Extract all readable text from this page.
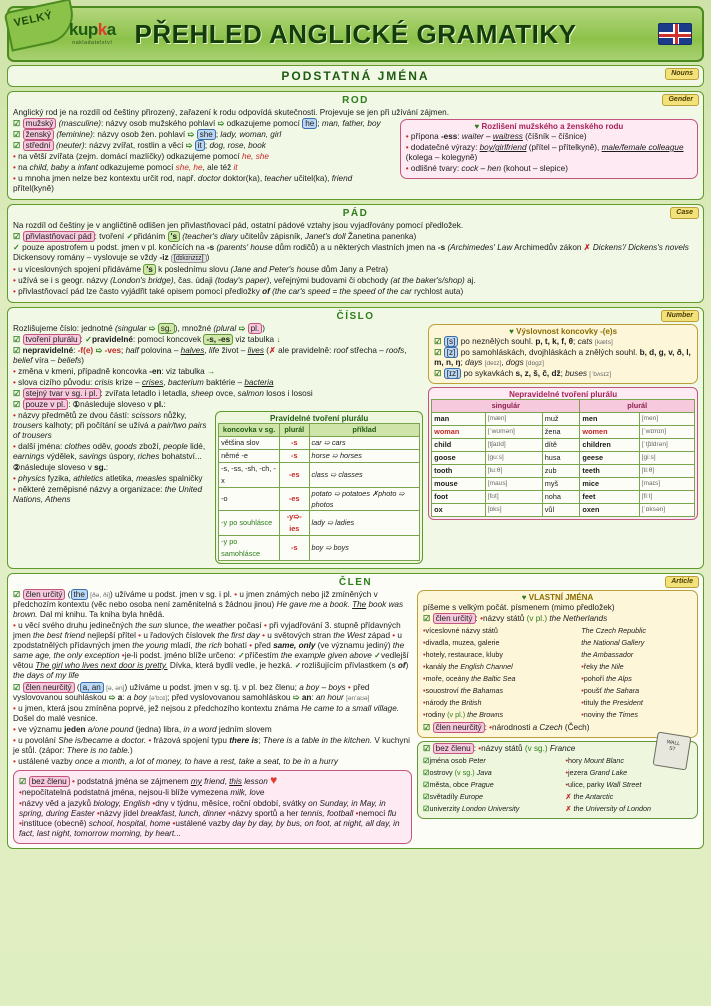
VELKÝ
kupka
nakladatelství PŘEHLED ANGLICKÉ GRAMATIKY
PODSTATNÁ JMÉNA	Nouns
ROD	Gender

Anglický rod je na rozdíl od češtiny přirozený, zařazení k rodu odpovídá skutečnosti. Projevuje se jen při užívání zájmen.

☑ mužský (masculine): názvy osob mužského pohlaví ➯ odkazujeme pomocí he ; man, father, boy

☑ ženský (feminine): názvy osob žen. pohlaví ➯ she ; lady, woman, girl

☑ střední (neuter): názvy zvířat, rostlin a věcí ➯ it ; dog, rose, book

• na větší zvířata (zejm. domácí mazlíčky) odkazujeme pomocí he, she

• na child, baby a infant odkazujeme pomocí she, he, ale též it

• u mnoha jmen nelze bez kontextu určit rod, např. doctor doktor(ka), teacher učitel(ka), friend přítel(kyně)

♥ Rozlišení mužského a ženského rodu

• přípona -ess: waiter – waitress (číšník – číšnice)

• dodatečné výrazy: boy/girlfriend (přítel – přítelkyně), male/female colleague (kolega – kolegyně)

• odlišné tvary: cock – hen (kohout – slepice)

PÁD	Case

Na rozdíl od češtiny je v angličtině odlišen jen přivlastňovací pád, ostatní pádové vztahy jsou vyjadřovány pomocí předložek.

☑ přivlastňovací pád : tvoření ✓přidáním 's (teacher's diary učitelův zápisník, Janet's doll Žanetina panenka)

✓ pouze apostrofem u podst. jmen v pl. končících na -s (parents' house dům rodičů) a u některých vlastních jmen na -s (Archimedes' Law Archimedův zákon ✗ Dickens'/ Dickens's novels Dickensovy romány – vyslovuje se vždy -iz [dɪkɪnzɪz] )

• u víceslovných spojení přidáváme 's k poslednímu slovu (Jane and Peter's house dům Jany a Petra)

• užívá se i s geogr. názvy (London's bridge), čas. údaji (today's paper), veřejnými budovami či obchody (at the baker's/shop) aj.

• přivlastňovací pád lze často vyjádřit také opisem pomocí předložky of (the car's speed = the speed of the car rychlost auta)

ČÍSLO	Number

Rozlišujeme číslo: jednotné (singular ➯ sg. ), množné (plural ➯ pl. )

☑ tvoření plurálu : ✓pravidelné: pomocí koncovek -s, -es viz tabulka ↓

☑ nepravidelné: -f(e) ➯ -ves; half polovina – halves, life život – lives (✗ ale pravidelně: roof střecha – roofs, belief víra – beliefs)

• změna v kmeni, případně koncovka -en: viz tabulka →

• slova cizího původu: crisis krize – crises, bacterium baktérie – bacteria

☑ stejný tvar v sg. i pl. : zvířata letadlo i letadla, sheep ovce, salmon losos i lososi

☑ pouze v pl. : ①následuje sloveso v pl.:

• názvy předmětů ze dvou částí: scissors nůžky, trousers kalhoty; při počítání se užívá a pair/two pairs of trousers

• další jména: clothes oděv, goods zboží, people lidé, earnings výdělek, savings úspory, riches bohatství...

②následuje sloveso v sg.:

• physics fyzika, athletics atletika, measles spalničky

• některé zeměpisné názvy a organizace: the United Nations, Athens

Pravidelné tvoření plurálu
koncovka v sg.	plurál	příklad
většina slov	-s	car ➯ cars
němé -e	-s	horse ➯ horses
-s, -ss, -sh, -ch, -x	-es	class ➯ classes
-o	-es	potato ➯ potatoes ✗photo ➯ photos
-y po souhlásce	-y➯-ies	lady ➯ ladies
-y po samohlásce	-s	boy ➯ boys
♥ Výslovnost koncovky -(e)s

☑ [s] po neznělých souhl. p, t, k, f, θ; cats [kæts]

☑ [z] po samohláskách, dvojhláskách a znělých souhl. b, d, g, v, ð, l, m, n, ŋ; days [deɪz], dogs [dɒgz]

☑ [ɪz] po sykavkách s, z, š, č, dž; buses [ˈbʌsɪz]

Nepravidelné tvoření plurálu
singulár			plurál	
man	[mæn]	muž	men	[men]
woman	[ˈwʊmən]	žena	women	[ˈwɪmɪn]
child	[tʃaɪld]	dítě	children	[ˈtʃɪldrən]
goose	[guːs]	husa	geese	[giːs]
tooth	[tuːθ]	zub	teeth	[tiːθ]
mouse	[maʊs]	myš	mice	[maɪs]
foot	[fʊt]	noha	feet	[fiːt]
ox	[ɒks]	vůl	oxen	[ˈɒksən]
ČLEN	Article

☑ člen určitý ( the [ðə, ði]) užíváme u podst. jmen v sg. i pl. • u jmen známých nebo již zmíněných v předchozím kontextu (věc nebo osoba není zaměnitelná s žádnou jinou) He gave me a book. The book was brown. Dal mi knihu. Ta kniha byla hnědá.

• u věcí svého druhu jedinečných the sun slunce, the weather počasí • při vyjadřování 3. stupně přídavných jmen the best friend nejlepší přítel • u řadových číslovek the first day • u světových stran the West západ • u zpodstatnělých přídavných jmen the young mladí, the rich bohatí • před same, only (ve významu jediný) the same age, the only exception •je-li podst. jméno blíže určeno: ✓příčestím the example given above ✓vedlejší větou The girl who lives next door is pretty. Dívka, která bydlí vedle, je hezká. ✓rozlišujícím přívlastkem (s of) the days of my life

☑ člen neurčitý ( a, an [ə, ən]) užíváme u podst. jmen v sg. tj. v pl. bez členu; a boy – boys • před vyslovovanou souhláskou ➯ a: a boy [ə'bɔɪ]; před vyslovovanou samohláskou ➯ an: an hour [ən'aʊə]

• u jmen, která jsou zmíněna poprvé, jež nejsou z předchozího kontextu známa He came to a small village. Došel do malé vesnice.

• ve významu jeden a/one pound (jedna) libra, in a word jedním slovem

• u povolání She is/became a doctor. • frázová spojení typu there is; There is a table in the kitchen. V kuchyni je stůl. (zápor: There is no table.)

• ustálené vazby once a month, a lot of money, to have a rest, take a seat, to be in a hurry

☑ bez členu • podstatná jména se zájmenem my friend, this lesson ♥

•nepočítatelná podstatná jména, nejsou-li blíže vymezena milk, love

•názvy věd a jazyků biology, English •dny v týdnu, měsíce, roční období, svátky on Sunday, in May, in spring, during Easter •názvy jídel breakfast, lunch, dinner •názvy sportů a her tennis, football •nemocí flu •instituce (obecně) school, hospital, home •ustálené vazby day by day, by bus, on foot, at night, all day, in fact, last night, tomorrow morning, by heart...

♥ VLASTNÍ JMÉNA

píšeme s velkým počát. písmenem (mimo předložek)

☑ člen určitý : •názvy států (v pl.) the Netherlands

•víceslovné názvy států	The Czech Republic
•divadla, muzea, galerie	the National Gallery
•hotely, restaurace, kluby	the Ambassador
•kanály the English Channel	•řeky the Nile
•moře, oceány the Baltic Sea	•pohoří the Alps
•souostroví the Bahamas	•poušť the Sahara
•národy the British	•tituly the President
•rodiny (v pl.) the Browns	•noviny the Times

☑ člen neurčitý : •národnosti a Czech (Čech)

☑ bez členu : •názvy států (v sg.) France

☑jména osob Peter	•hory Mount Blanc
☑ostrovy (v sg.) Java	•jezera Grand Lake
☑města, obce Prague	•ulice, parky Wall Street
☑světadíly Europe	✗ the Antarctic
☑univerzity London University	✗ the University of London
WALL
ST
